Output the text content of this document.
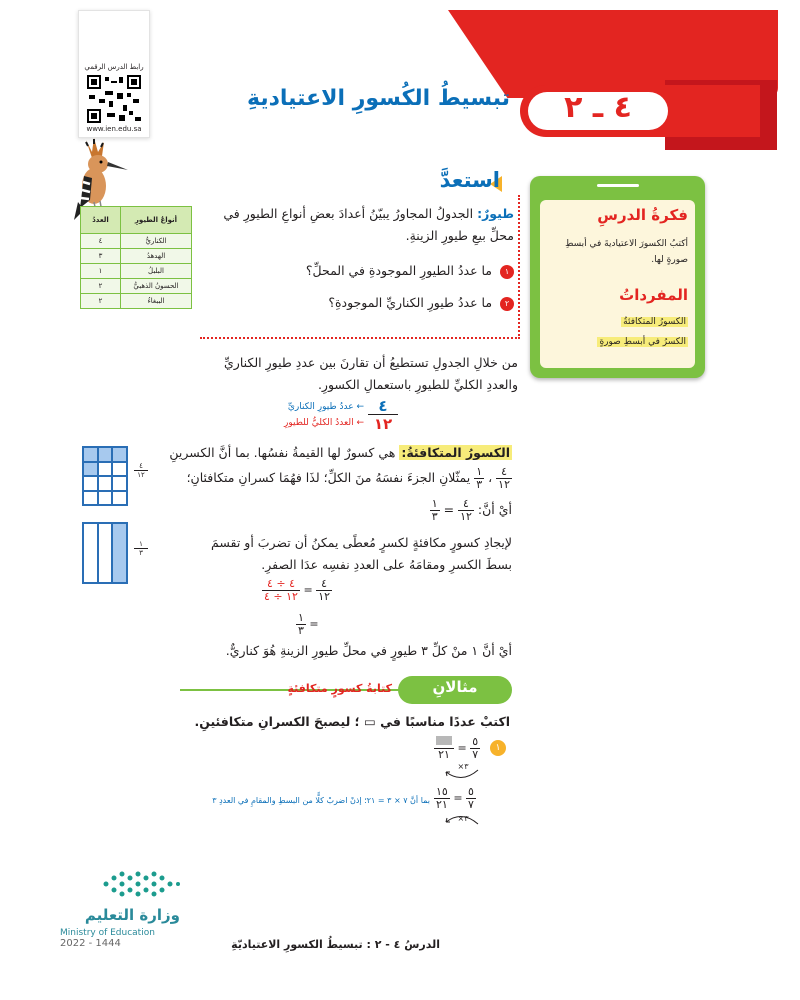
رابط الدرس الرقمي
www.ien.edu.sa
٤ ـ ٢
تبسيطُ الكُسورِ الاعتياديةِ
فكرةُ الدرسِ
أكتبُ الكسورَ الاعتياديةَ في أبسطِ صورةٍ لها.
المفرداتُ
الكسورُ المتكافئةُ
الكسرُ في أبسطِ صورةٍ
أنواعُ الطيورِ	العددُ
الكناريُّ	٤
الهدهدُ	٣
البلبلُ	١
الحسونُ الذهبيُّ	٢
الببغاءُ	٢
استعدَّ
طيورٌ: الجدولُ المجاورُ يبيّنُ أعدادَ بعضِ أنواعِ الطيورِ في محلِّ بيعِ طيورِ الزينةِ.
١ ما عددُ الطيورِ الموجودةِ في المحلِّ؟
٢ ما عددُ طيورِ الكناريِّ الموجودةِ؟
من خلالِ الجدولِ تستطيعُ أن تقارنَ بين عددِ طيورِ الكناريِّ والعددِ الكليِّ للطيورِ باستعمالِ الكسورِ.
٤
١٢
← عددُ طيورِ الكناريِّ
← العددُ الكليُّ للطيورِ
الكسورُ المتكافئةُ: هي كسورٌ لها القيمةُ نفسُها. بما أنَّ الكسرينِ
$\frac{٤}{١٢}$
،
$\frac{١}{٣}$
يمثّلانِ الجزءَ نفسَهُ منَ الكلِّ؛ لذَا فهُمَا كسرانِ متكافئانِ؛
أيْ أنَّ:
$\frac{٤}{١٢}$
=
$\frac{١}{٣}$
٤
١٢
١
٣
لإيجادِ كسورٍ مكافئةٍ لكسرٍ مُعطًى يمكنُ أن تضربَ أو تقسمَ بسطَ الكسرِ ومقامَهُ على العددِ نفسِه عدَا الصفرِ.
$\frac{٤ \div ٤}{١٢ \div ٤} = \frac{٤}{١٢}$
$\frac{١}{٣}$ =
أيْ أنَّ ١ منْ كلِّ ٣ طيورٍ في محلِّ طيورِ الزينةِ هُوَ كناريٌّ.
مثالانِ
كتابةُ كسورٍ متكافئةٍ
اكتبْ عددًا مناسبًا في ▭ ؛ ليصبحَ الكسرانِ متكافئينِ.
١
٢١ = $\frac{٥}{٧}$
×٣
$\frac{١٥}{٢١} = \frac{٥}{٧}$
×٣
بما أنَّ ٧ × ٣ = ٢١؛ إذنْ اضربْ كلًّا من البسطِ والمقامِ في العددِ ٣
وزارة التعليم
Ministry of Education
2022 - 1444	الدرسُ ٤ - ٢ : تبسيطُ الكسورِ الاعتياديّةِ
